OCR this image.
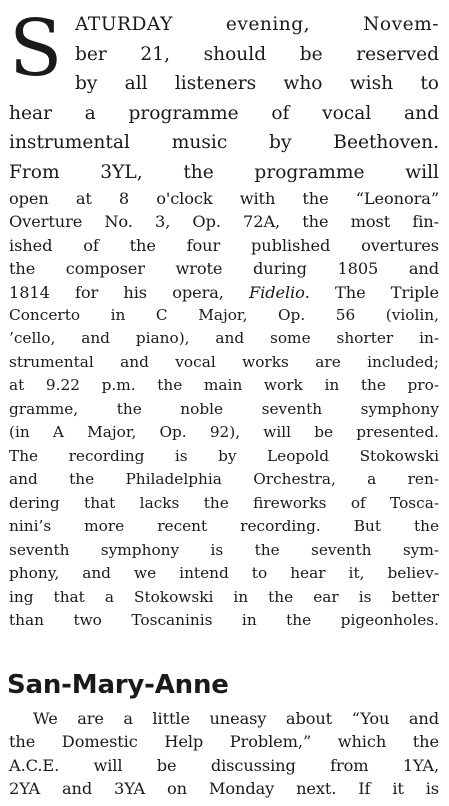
S ATURDAY evening, Novem-
ber 21, should be reserved
by all listeners who wish to
hear a programme of vocal and
instrumental music by Beethoven.
From 3YL, the programme will
open at 8 o'clock with the “Leonora”
Overture No. 3, Op. 72A, the most fin-
ished of the four published overtures
the composer wrote during 1805 and
1814 for his opera, Fidelio. The Triple
Concerto in C Major, Op. 56 (violin,
’cello, and piano), and some shorter in-
strumental and vocal works are included;
at 9.22 p.m. the main work in the pro-
gramme, the noble seventh symphony
(in A Major, Op. 92), will be presented.
The recording is by Leopold Stokowski
and the Philadelphia Orchestra, a ren-
dering that lacks the fireworks of Tosca-
nini’s more recent recording. But the
seventh symphony is the seventh sym-
phony, and we intend to hear it, believ-
ing that a Stokowski in the ear is better
than two Toscaninis in the pigeonholes.
San-Mary-Anne
We are a little uneasy about “You and
the Domestic Help Problem,” which the
A.C.E. will be discussing from 1YA,
2YA and 3YA on Monday next. If it is
